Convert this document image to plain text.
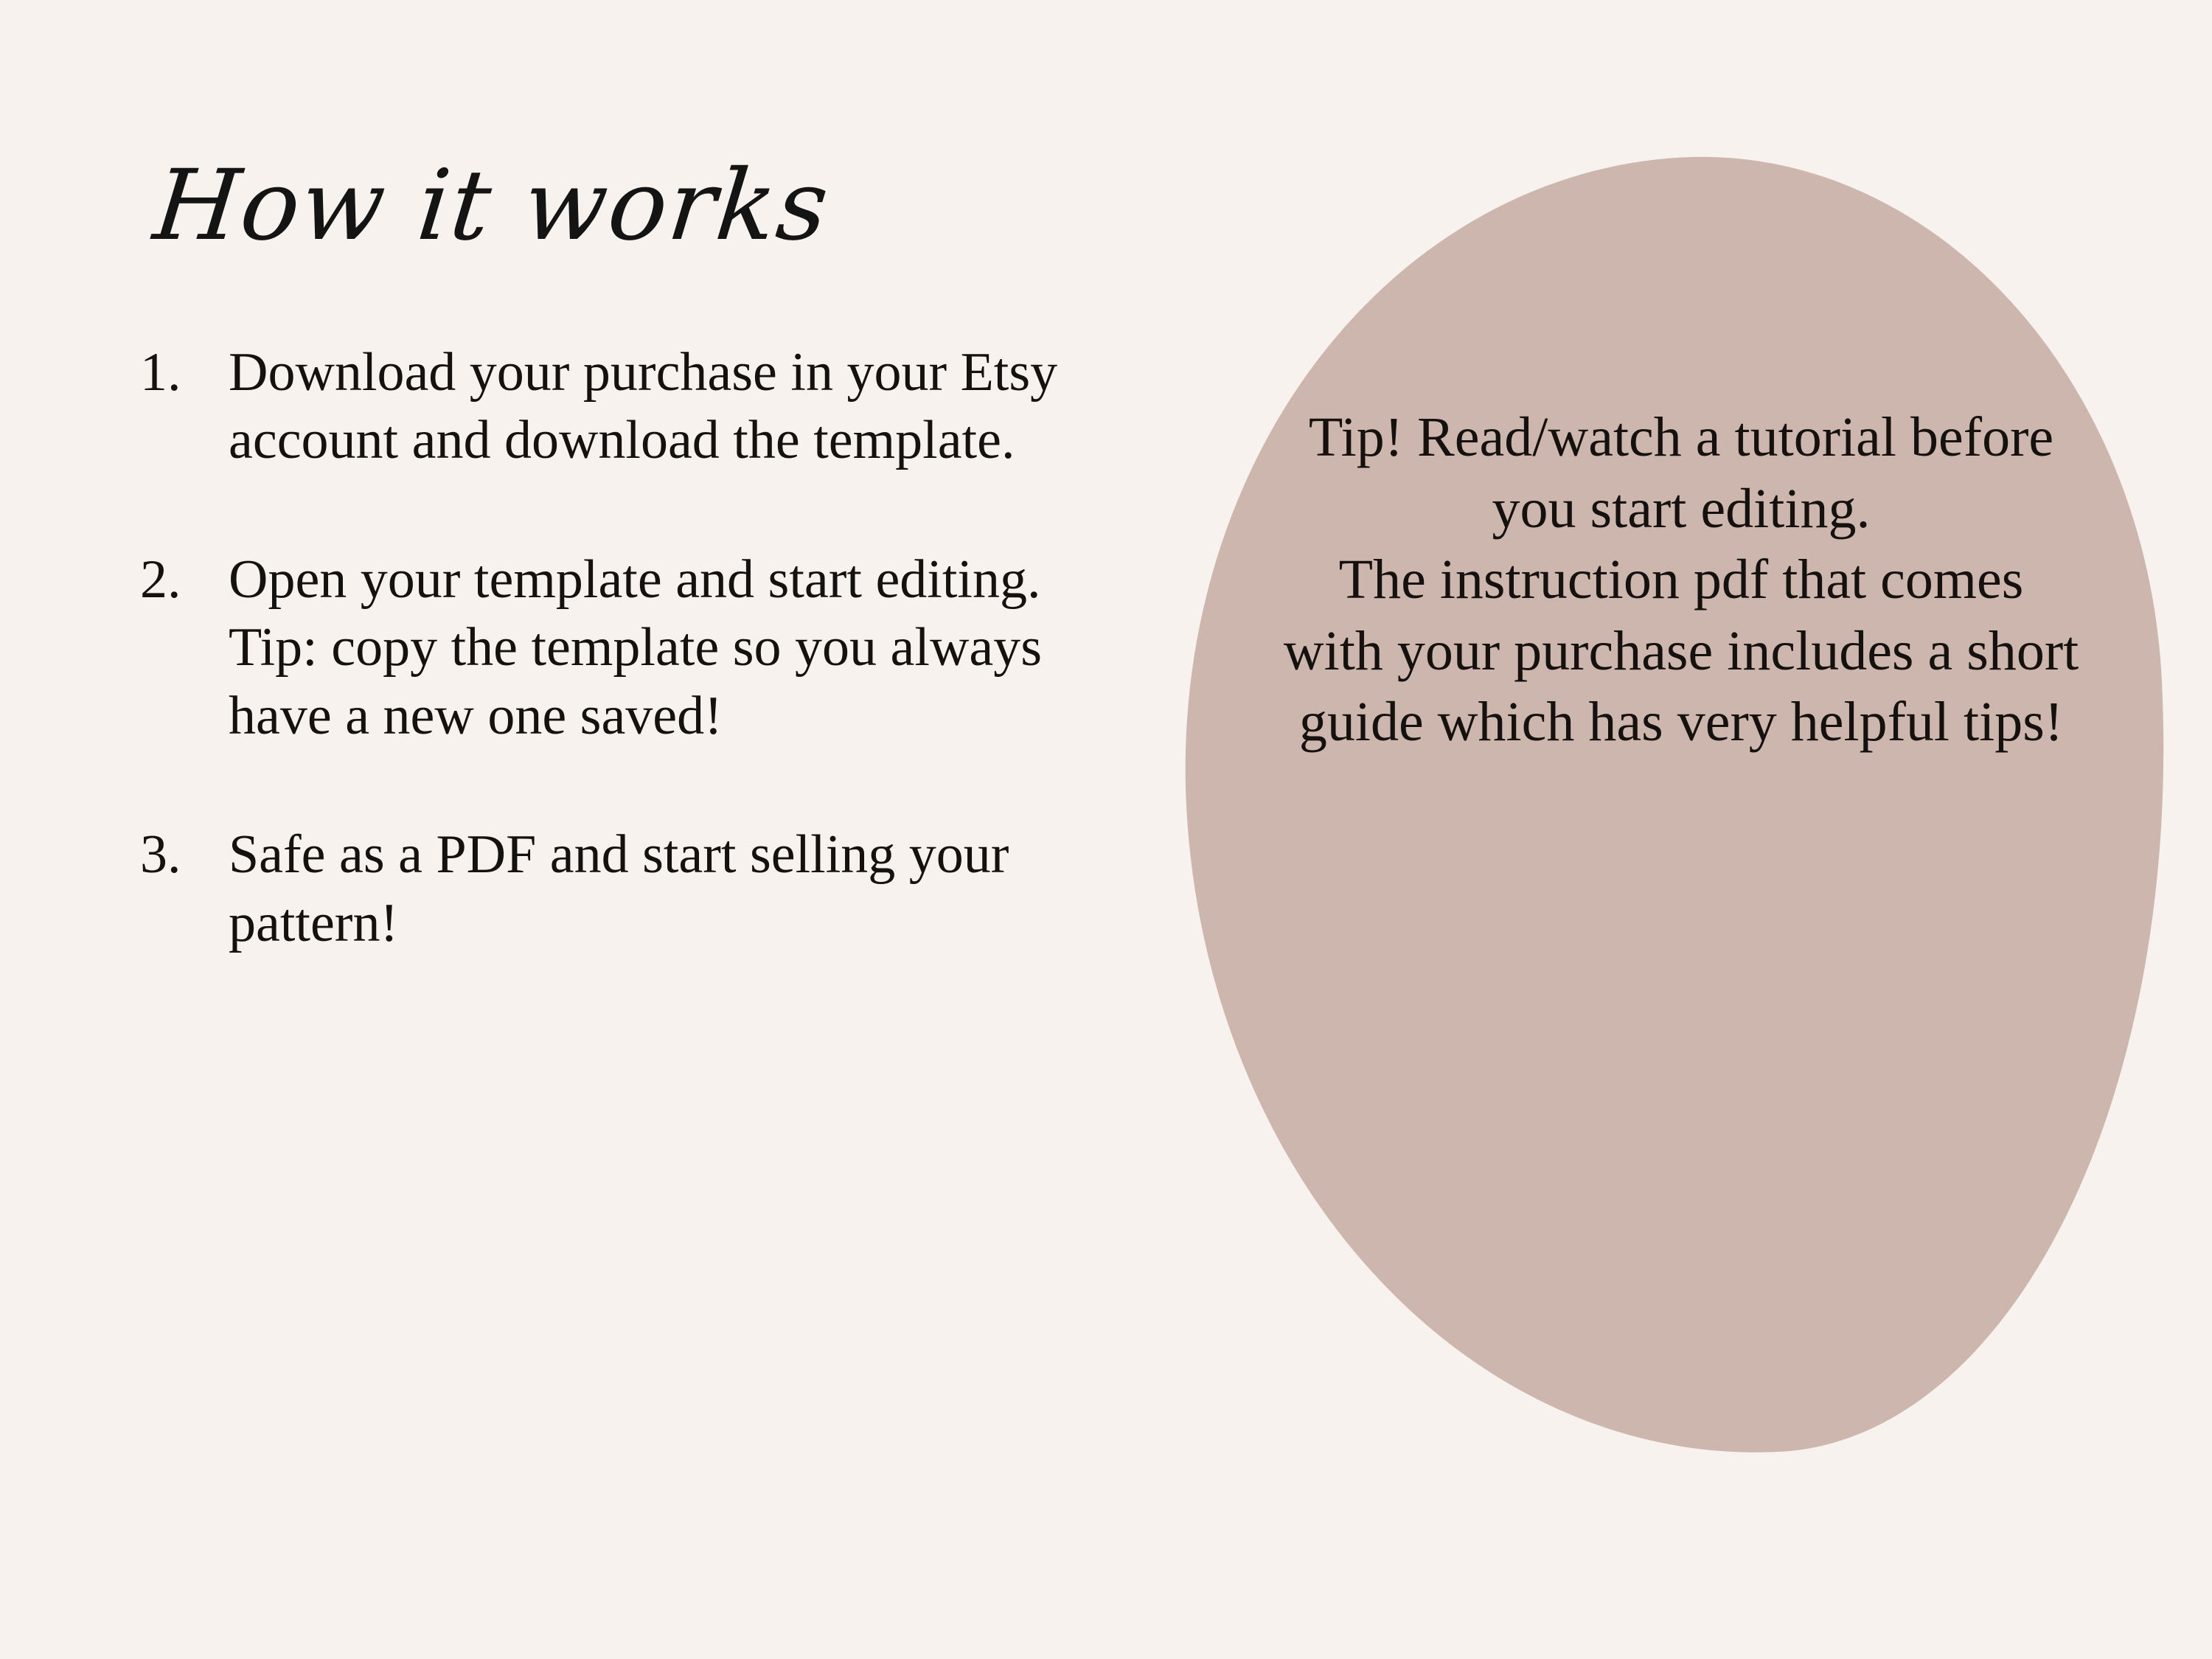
How it works
1. Download your purchase in your Etsy account and download the template.
2. Open your template and start editing. Tip: copy the template so you always have a new one saved!
3. Safe as a PDF and start selling your pattern!

Tip! Read/watch a tutorial before you start editing.

The instruction pdf that comes with your purchase includes a short guide which has very helpful tips!
